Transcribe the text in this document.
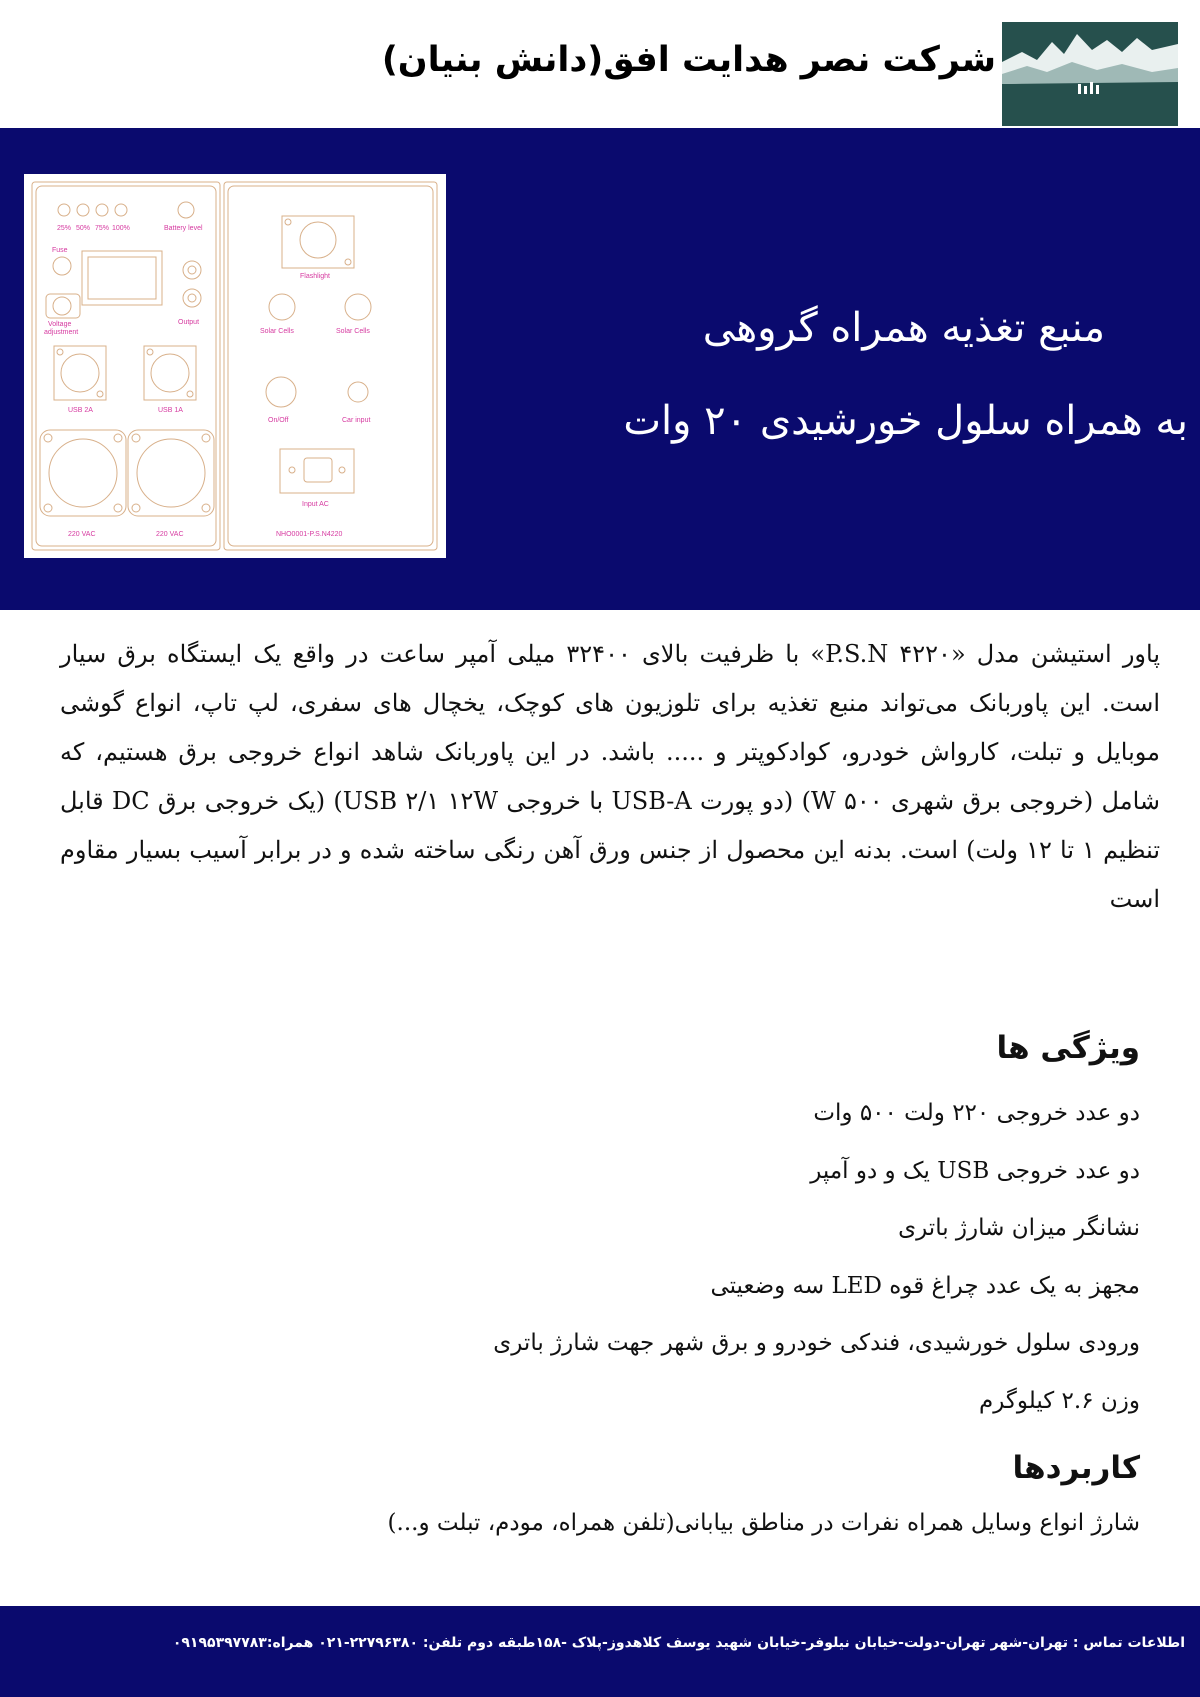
شرکت نصر هدایت افق(دانش بنیان)
25% 50% 75% 100%	Battery level
Fuse
Voltage
adjustment
Output
USB 2A	USB 1A
220 VAC	220 VAC
Flashlight
Solar Cells	Solar Cells
On/Off	Car input
Input AC
NHO0001-P.S.N4220
منبع تغذیه همراه گروهی
به همراه سلول خورشیدی ۲۰ وات

پاور استیشن مدل «P.S.N ۴۲۲۰» با ظرفیت بالای ۳۲۴۰۰ میلی آمپر ساعت در واقع یک ایستگاه برق سیار است. این پاوربانک می‌تواند منبع تغذیه برای تلوزیون های کوچک، یخچال های سفری، لپ تاپ، انواع گوشی موبایل و تبلت، کارواش خودرو، کوادکوپتر و ..... باشد. در این پاوربانک شاهد انواع خروجی برق هستیم، که شامل (خروجی برق شهری ۵۰۰ W) (دو پورت USB-A با خروجی USB ۲/۱ ۱۲W) (یک خروجی برق DC قابل تنظیم ۱ تا ۱۲ ولت) است. بدنه این محصول از جنس ورق آهن رنگی ساخته شده و در برابر آسیب بسیار مقاوم است

ویژگی ها
دو عدد خروجی ۲۲۰ ولت ۵۰۰ وات
دو عدد خروجی USB یک و دو آمپر
نشانگر میزان شارژ باتری
مجهز به یک عدد چراغ قوه LED سه وضعیتی
ورودی سلول خورشیدی، فندکی خودرو و برق شهر جهت شارژ باتری
وزن ۲.۶ کیلوگرم
کاربردها

شارژ انواع وسایل همراه نفرات در مناطق بیابانی(تلفن همراه، مودم، تبلت و...)

اطلاعات تماس : تهران-شهر تهران-دولت-خیابان نیلوفر-خیابان شهید یوسف کلاهدوز-پلاک -۱۵۸طبقه دوم تلفن: ۲۲۷۹۶۳۸۰-۰۲۱ همراه:۰۹۱۹۵۳۹۷۷۸۳
